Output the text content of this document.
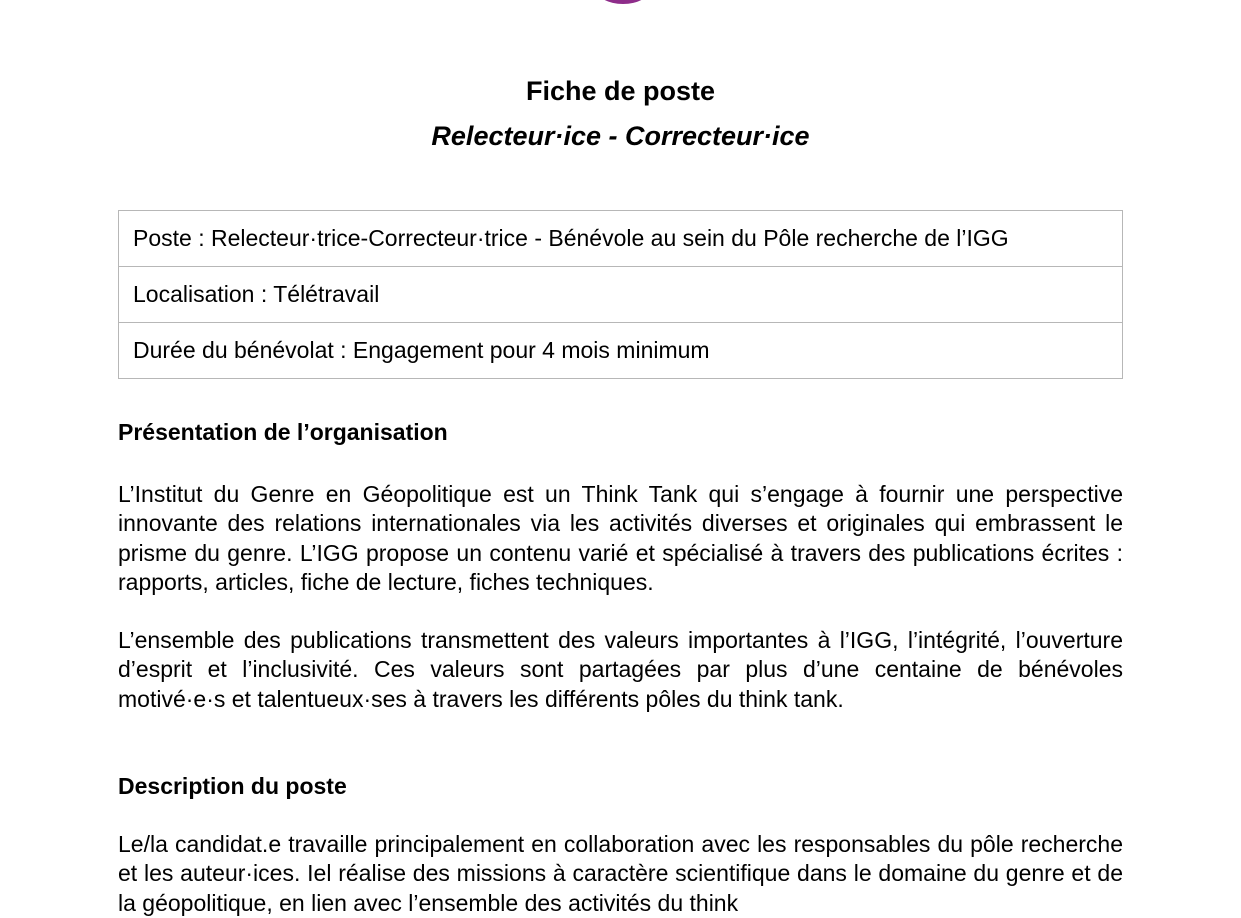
Fiche de poste
Relecteur·ice - Correcteur·ice
Poste : Relecteur·trice-Correcteur·trice - Bénévole au sein du Pôle recherche de l’IGG
Localisation : Télétravail
Durée du bénévolat : Engagement pour 4 mois minimum
Présentation de l’organisation

L’Institut du Genre en Géopolitique est un Think Tank qui s’engage à fournir une perspective innovante des relations internationales via les activités diverses et originales qui embrassent le prisme du genre. L’IGG propose un contenu varié et spécialisé à travers des publications écrites : rapports, articles, fiche de lecture, fiches techniques.

L’ensemble des publications transmettent des valeurs importantes à l’IGG, l’intégrité, l’ouverture d’esprit et l’inclusivité. Ces valeurs sont partagées par plus d’une centaine de bénévoles motivé·e·s et talentueux·ses à travers les différents pôles du think tank.

Description du poste

Le/la candidat.e travaille principalement en collaboration avec les responsables du pôle recherche et les auteur·ices. Iel réalise des missions à caractère scientifique dans le domaine du genre et de la géopolitique, en lien avec l’ensemble des activités du think
